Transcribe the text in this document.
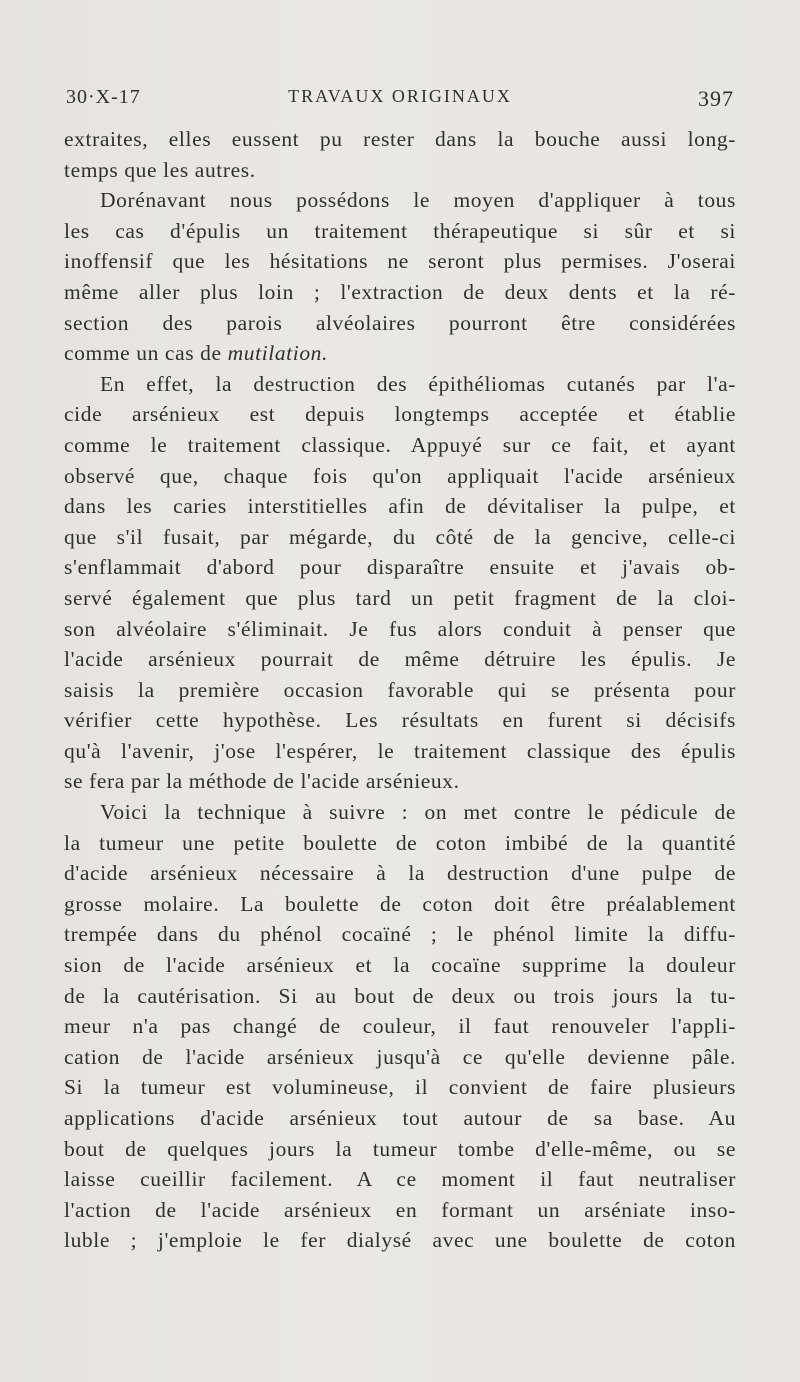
30·X-17	TRAVAUX ORIGINAUX	397
extraites, elles eussent pu rester dans la bouche aussi long-
temps que les autres.
Dorénavant nous possédons le moyen d'appliquer à tous
les cas d'épulis un traitement thérapeutique si sûr et si
inoffensif que les hésitations ne seront plus permises. J'oserai
même aller plus loin ; l'extraction de deux dents et la ré-
section des parois alvéolaires pourront être considérées
comme un cas de mutilation.
En effet, la destruction des épithéliomas cutanés par l'a-
cide arsénieux est depuis longtemps acceptée et établie
comme le traitement classique. Appuyé sur ce fait, et ayant
observé que, chaque fois qu'on appliquait l'acide arsénieux
dans les caries interstitielles afin de dévitaliser la pulpe, et
que s'il fusait, par mégarde, du côté de la gencive, celle-ci
s'enflammait d'abord pour disparaître ensuite et j'avais ob-
servé également que plus tard un petit fragment de la cloi-
son alvéolaire s'éliminait. Je fus alors conduit à penser que
l'acide arsénieux pourrait de même détruire les épulis. Je
saisis la première occasion favorable qui se présenta pour
vérifier cette hypothèse. Les résultats en furent si décisifs
qu'à l'avenir, j'ose l'espérer, le traitement classique des épulis
se fera par la méthode de l'acide arsénieux.
Voici la technique à suivre : on met contre le pédicule de
la tumeur une petite boulette de coton imbibé de la quantité
d'acide arsénieux nécessaire à la destruction d'une pulpe de
grosse molaire. La boulette de coton doit être préalablement
trempée dans du phénol cocaïné ; le phénol limite la diffu-
sion de l'acide arsénieux et la cocaïne supprime la douleur
de la cautérisation. Si au bout de deux ou trois jours la tu-
meur n'a pas changé de couleur, il faut renouveler l'appli-
cation de l'acide arsénieux jusqu'à ce qu'elle devienne pâle.
Si la tumeur est volumineuse, il convient de faire plusieurs
applications d'acide arsénieux tout autour de sa base. Au
bout de quelques jours la tumeur tombe d'elle-même, ou se
laisse cueillir facilement. A ce moment il faut neutraliser
l'action de l'acide arsénieux en formant un arséniate inso-
luble ; j'emploie le fer dialysé avec une boulette de coton
